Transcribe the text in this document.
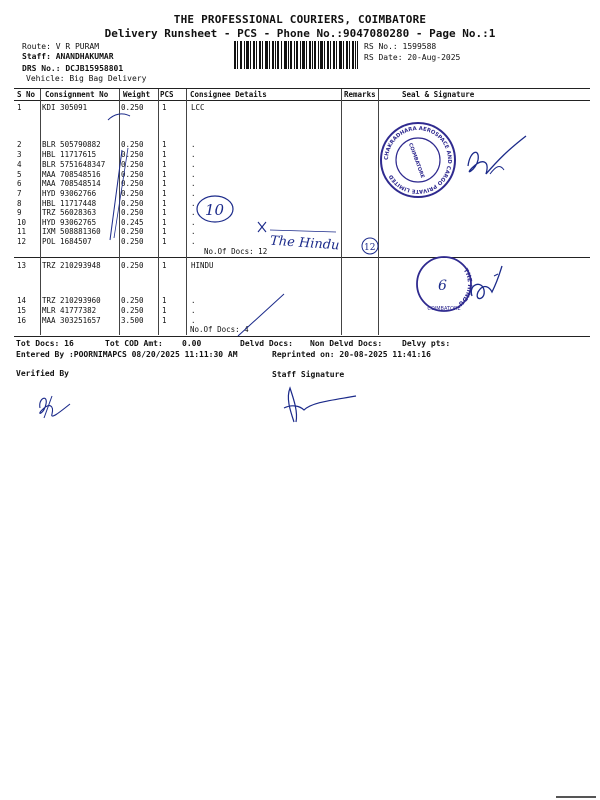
THE PROFESSIONAL COURIERS, COIMBATORE
Delivery Runsheet - PCS - Phone No.:9047080280 - Page No.:1
Route: V R PURAM
Staff: ANANDHAKUMAR
DRS No.: DCJB15958801
Vehicle: Big Bag Delivery
RS No.: 1599588
RS Date: 20-Aug-2025
S No Consignment No Weight PCS Consignee Details	Remarks	Seal & Signature
1	KDI 305091	0.250 1	LCC
2	BLR 505790882	0.250 1	.
3	HBL 11717615	0.250 1	.
4	BLR 5751648347 0.250 1	.
5	MAA 708548516	0.250 1	.
6	MAA 708548514	0.250 1	.
7	HYD 93062766	0.250 1	.
8	HBL 11717448	0.250 1	.
9	TRZ 56028363	0.250 1	.
10 HYD 93062765	0.245 1	.
11 IXM 508881360	0.250 1	.
12 POL 1684507	0.250 1	.
No.Of Docs: 12
13 TRZ 210293948	0.250 1	HINDU
14 TRZ 210293960	0.250 1	.
15 MLR 41777382	0.250 1	.
16 MAA 303251657	3.500 1	.
No.Of Docs: 4
Tot Docs: 16	Tot COD Amt: 0.00	Delvd Docs: Non Delvd Docs: Delvy pts:
Entered By :POORNIMAPCS 08/20/2025 11:11:30 AM	Reprinted on: 20-08-2025 11:41:16
Verified By	Staff Signature
10
The Hindu	12
CHAKRADHARA AEROSPACE AND CARGO PRIVATE LIMITED	COIMBATORE
THE HINDU
COIMBATORE
6
